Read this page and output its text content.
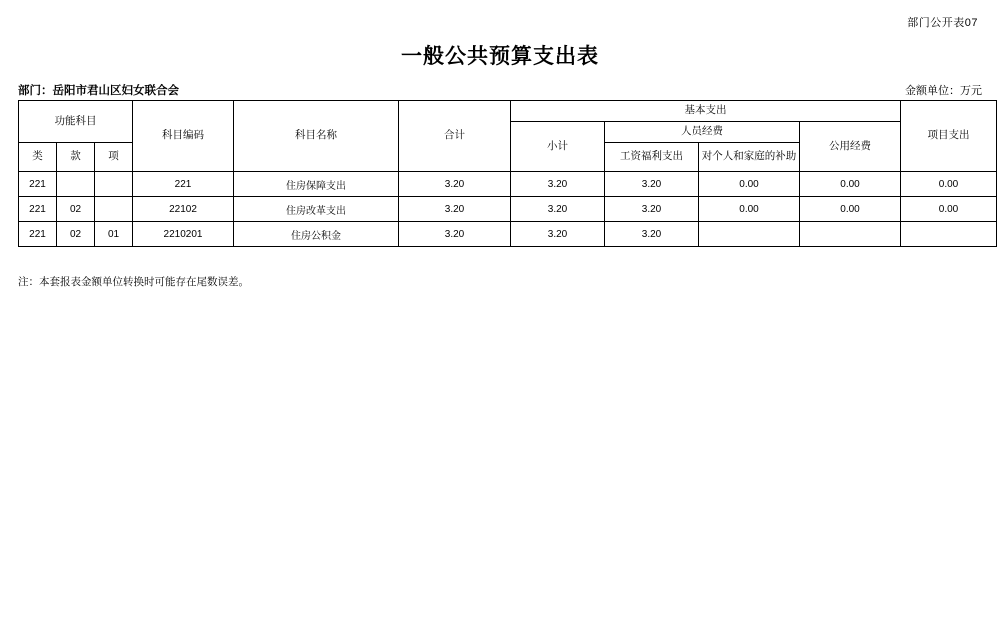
部门公开表07
一般公共预算支出表
部门：岳阳市君山区妇女联合会	金额单位：万元
功能科目			科目编码	科目名称	合计	基本支出				项目支出
						小计	人员经费		公用经费	
类	款	项					工资福利支出	对个人和家庭的补助		
221			221	住房保障支出	3.20	3.20	3.20	0.00	0.00	0.00
221	02		22102	住房改革支出	3.20	3.20	3.20	0.00	0.00	0.00
221	02	01	2210201	住房公积金	3.20	3.20	3.20			
注：本套报表金额单位转换时可能存在尾数误差。
